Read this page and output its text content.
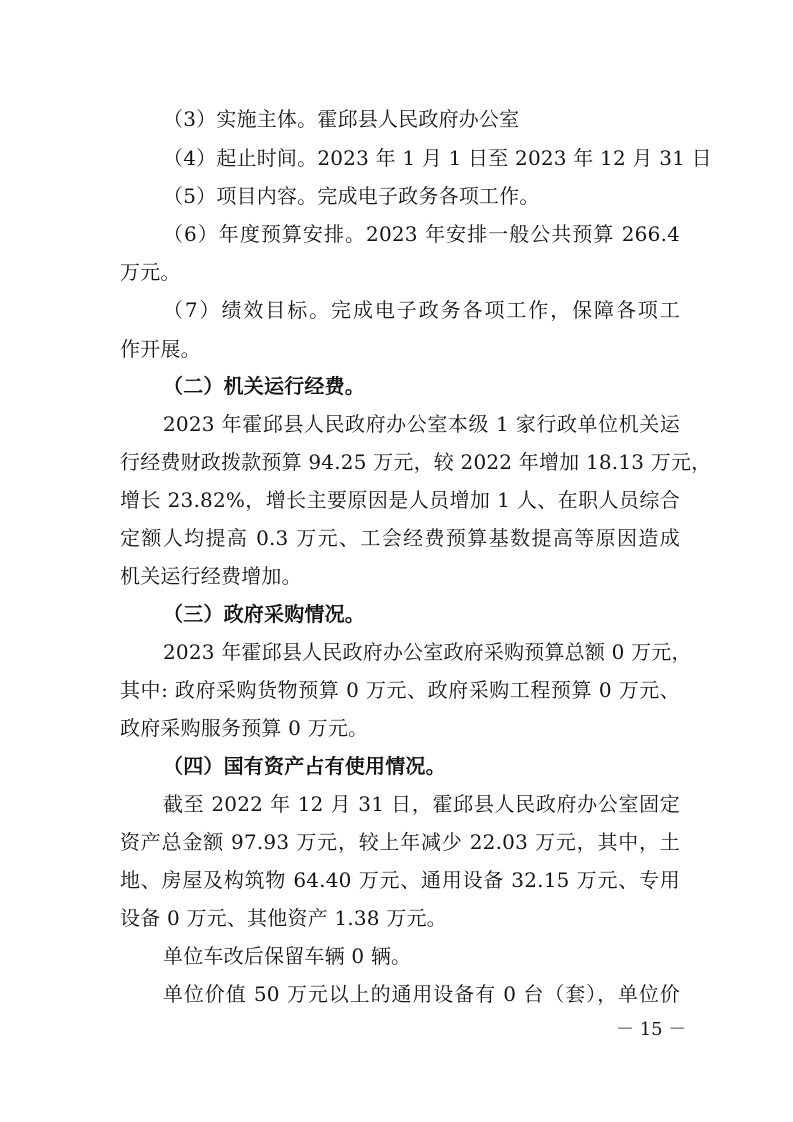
（3）实施主体。霍邱县人民政府办公室
（4）起止时间。2023 年 1 月 1 日至 2023 年 12 月 31 日
（5）项目内容。完成电子政务各项工作。
（6）年度预算安排。2023 年安排一般公共预算 266.4
万元。
（7）绩效目标。完成电子政务各项工作，保障各项工
作开展。
（二）机关运行经费。
2023 年霍邱县人民政府办公室本级 1 家行政单位机关运
行经费财政拨款预算 94.25 万元，较 2022 年增加 18.13 万元，
增长 23.82%，增长主要原因是人员增加 1 人、在职人员综合
定额人均提高 0.3 万元、工会经费预算基数提高等原因造成
机关运行经费增加。
（三）政府采购情况。
2023 年霍邱县人民政府办公室政府采购预算总额 0 万元，
其中: 政府采购货物预算 0 万元、政府采购工程预算 0 万元、
政府采购服务预算 0 万元。
（四）国有资产占有使用情况。
截至 2022 年 12 月 31 日，霍邱县人民政府办公室固定
资产总金额 97.93 万元，较上年减少 22.03 万元，其中，土
地、房屋及构筑物 64.40 万元、通用设备 32.15 万元、专用
设备 0 万元、其他资产 1.38 万元。
单位车改后保留车辆 0 辆。
单位价值 50 万元以上的通用设备有 0 台（套），单位价
－ 15 －
